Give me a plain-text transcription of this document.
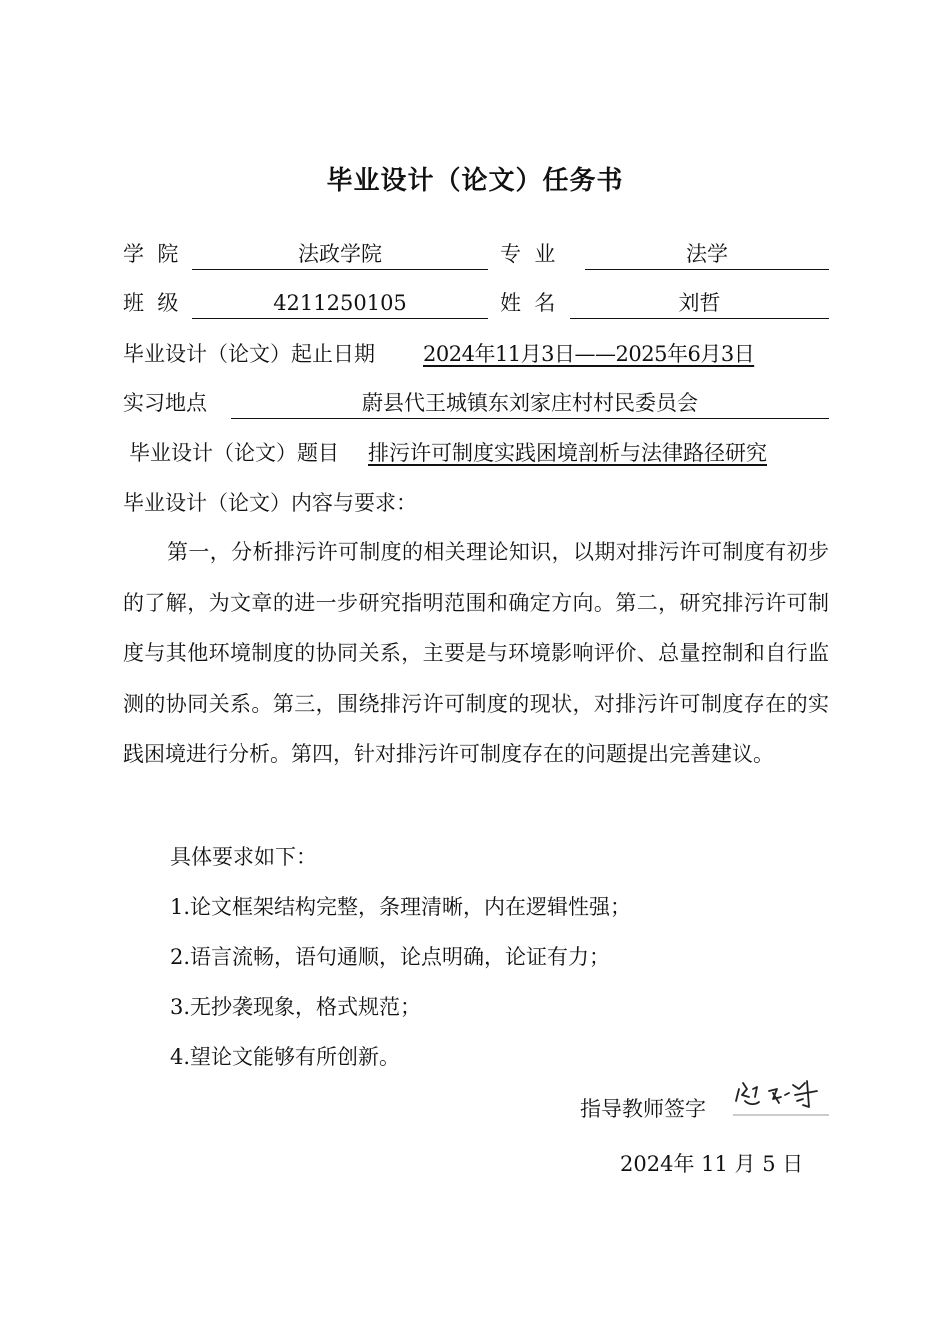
毕业设计（论文）任务书
学  院	法政学院	专  业	法学
班  级	4211250105	姓  名	刘哲
毕业设计（论文）起止日期 2024年11月3日——2025年6月3日
实习地点	蔚县代王城镇东刘家庄村村民委员会
毕业设计（论文）题目 排污许可制度实践困境剖析与法律路径研究
毕业设计（论文）内容与要求：
第一，分析排污许可制度的相关理论知识，以期对排污许可制度有初步的了解，为文章的进一步研究指明范围和确定方向。第二，研究排污许可制度与其他环境制度的协同关系，主要是与环境影响评价、总量控制和自行监测的协同关系。第三，围绕排污许可制度的现状，对排污许可制度存在的实践困境进行分析。第四，针对排污许可制度存在的问题提出完善建议。
具体要求如下：
1.论文框架结构完整，条理清晰，内在逻辑性强；
2.语言流畅，语句通顺，论点明确，论证有力；
3.无抄袭现象，格式规范；
4.望论文能够有所创新。
指导教师签字
2024年 11 月 5 日
